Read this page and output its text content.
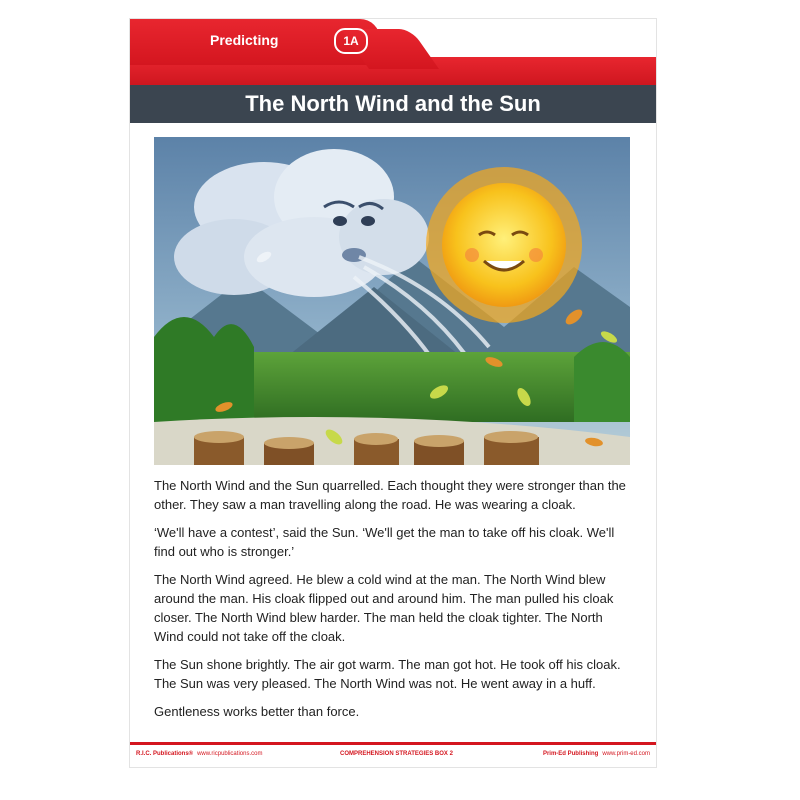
Predicting	1A
The North Wind and the Sun

The North Wind and the Sun quarrelled. Each thought they were stronger than the other. They saw a man travelling along the road. He was wearing a cloak.

‘We'll have a contest’, said the Sun. ‘We'll get the man to take off his cloak. We'll find out who is stronger.’

The North Wind agreed. He blew a cold wind at the man. The North Wind blew around the man. His cloak flipped out and around him. The man pulled his cloak closer. The North Wind blew harder. The man held the cloak tighter. The North Wind could not take off the cloak.

The Sun shone brightly. The air got warm. The man got hot. He took off his cloak. The Sun was very pleased. The North Wind was not. He went away in a huff.

Gentleness works better than force.

R.I.C. Publications® www.ricpublications.com	COMPREHENSION STRATEGIES BOX 2	Prim-Ed Publishing www.prim-ed.com
